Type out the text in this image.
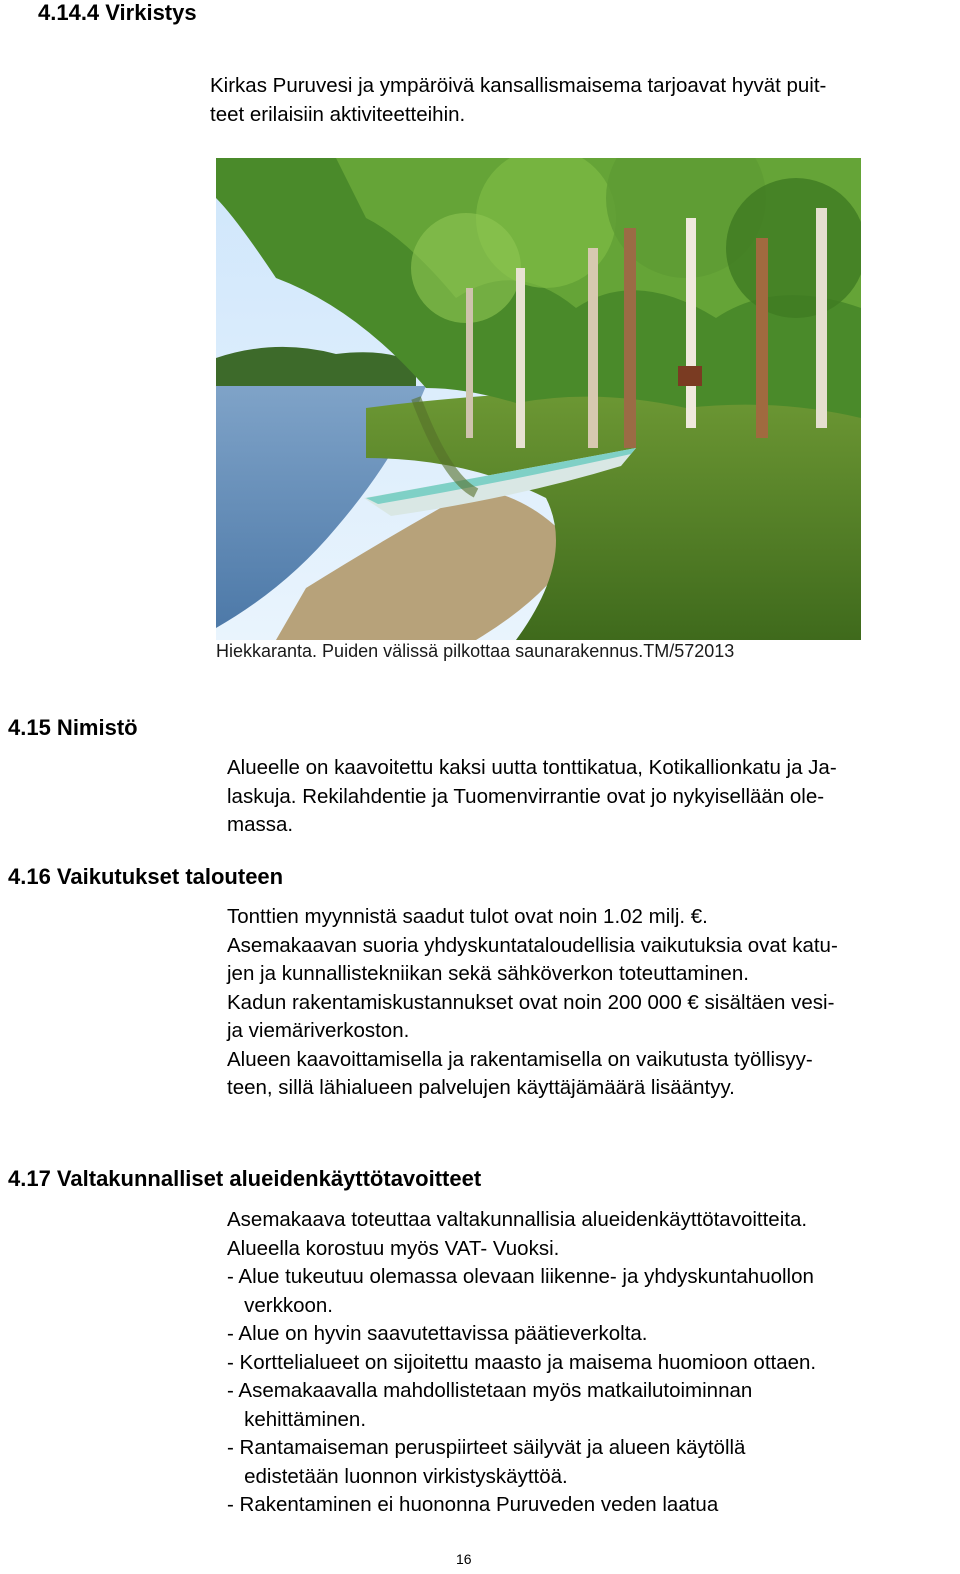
4.14.4 Virkistys
Kirkas Puruvesi ja ympäröivä kansallismaisema tarjoavat hyvät puit-
teet erilaisiin aktiviteetteihin.
Hiekkaranta. Puiden välissä pilkottaa saunarakennus.TM/572013
4.15 Nimistö
Alueelle on kaavoitettu kaksi uutta tonttikatua, Kotikallionkatu ja Ja-
laskuja. Rekilahdentie ja Tuomenvirrantie ovat jo nykyisellään ole-
massa.
4.16 Vaikutukset talouteen
Tonttien myynnistä saadut tulot ovat noin 1.02 milj. €.
Asemakaavan suoria yhdyskuntataloudellisia vaikutuksia ovat katu-
jen ja kunnallistekniikan sekä sähköverkon toteuttaminen.
Kadun rakentamiskustannukset ovat noin 200 000 € sisältäen vesi-
ja viemäriverkoston.
Alueen kaavoittamisella ja rakentamisella on vaikutusta työllisyy-
teen, sillä lähialueen palvelujen käyttäjämäärä lisääntyy.
4.17 Valtakunnalliset alueidenkäyttötavoitteet
Asemakaava toteuttaa valtakunnallisia alueidenkäyttötavoitteita.
Alueella korostuu myös VAT- Vuoksi.
- Alue tukeutuu olemassa olevaan liikenne- ja yhdyskuntahuollon
verkkoon.
- Alue on hyvin saavutettavissa päätieverkolta.
- Korttelialueet on sijoitettu maasto ja maisema huomioon ottaen.
- Asemakaavalla mahdollistetaan myös matkailutoiminnan
kehittäminen.
- Rantamaiseman peruspiirteet säilyvät ja alueen käytöllä
edistetään luonnon virkistyskäyttöä.
- Rakentaminen ei huononna Puruveden veden laatua
16
